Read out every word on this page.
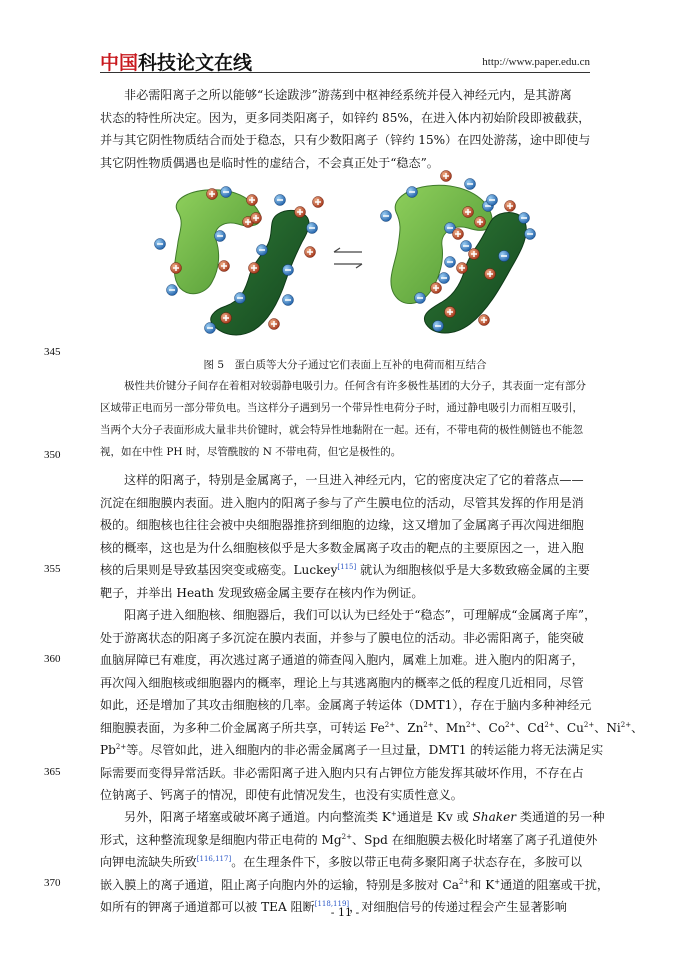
中国科技论文在线	http://www.paper.edu.cn
非必需阳离子之所以能够“长途跋涉”游荡到中枢神经系统并侵入神经元内，是其游离
状态的特性所决定。因为，更多同类阳离子，如锌约 85%，在进入体内初始阶段即被截获，
并与其它阴性物质结合而处于稳态，只有少数阳离子（锌约 15%）在四处游荡，途中即使与
其它阴性物质偶遇也是临时性的虚结合，不会真正处于“稳态”。
345
图 5　蛋白质等大分子通过它们表面上互补的电荷而相互结合
极性共价键分子间存在着相对较弱静电吸引力。任何含有许多极性基团的大分子，其表面一定有部分
区域带正电而另一部分带负电。当这样分子遇到另一个带异性电荷分子时，通过静电吸引力而相互吸引，
当两个大分子表面形成大量非共价键时，就会特异性地黏附在一起。还有，不带电荷的极性侧链也不能忽
视，如在中性 PH 时，尽管酰胺的 N 不带电荷，但它是极性的。
350
这样的阳离子，特别是金属离子，一旦进入神经元内，它的密度决定了它的着落点——
沉淀在细胞膜内表面。进入胞内的阳离子参与了产生膜电位的活动，尽管其发挥的作用是消
极的。细胞核也往往会被中央细胞器推挤到细胞的边缘，这又增加了金属离子再次闯进细胞
核的概率，这也是为什么细胞核似乎是大多数金属离子攻击的靶点的主要原因之一，进入胞
核的后果则是导致基因突变或癌变。Luckey[115] 就认为细胞核似乎是大多数致癌金属的主要
靶子，并举出 Heath 发现致癌金属主要存在核内作为例证。
355
阳离子进入细胞核、细胞器后，我们可以认为已经处于“稳态”，可理解成“金属离子库”，
处于游离状态的阳离子多沉淀在膜内表面，并参与了膜电位的活动。非必需阳离子，能突破
血脑屏障已有难度，再次逃过离子通道的筛查闯入胞内，属难上加难。进入胞内的阳离子，
再次闯入细胞核或细胞器内的概率，理论上与其逃离胞内的概率之低的程度几近相同，尽管
如此，还是增加了其攻击细胞核的几率。金属离子转运体（DMT1），存在于脑内多种神经元
细胞膜表面，为多种二价金属离子所共享，可转运 $Fe^{2+}$、$Zn^{2+}$、$Mn^{2+}$、$Co^{2+}$、$Cd^{2+}$、$Cu^{2+}$、$Ni^{2+}$、
$Pb^{2+}$等。尽管如此，进入细胞内的非必需金属离子一旦过量，DMT1 的转运能力将无法满足实
际需要而变得异常活跃。非必需阳离子进入胞内只有占钾位方能发挥其破坏作用，不存在占
位钠离子、钙离子的情况，即使有此情况发生，也没有实质性意义。
360
365
另外，阳离子堵塞或破坏离子通道。内向整流类 K+通道是 Kv 或 Shaker 类通道的另一种
形式，这种整流现象是细胞内带正电荷的 $Mg^{2+}$、Spd 在细胞膜去极化时堵塞了离子孔道使外
向钾电流缺失所致[116,117]。在生理条件下，多胺以带正电荷多聚阳离子状态存在，多胺可以
嵌入膜上的离子通道，阻止离子向胞内外的运输，特别是多胺对 $Ca^{2+}$和 K+通道的阻塞或干扰，
如所有的钾离子通道都可以被 TEA 阻断[118,119]，对细胞信号的传递过程会产生显著影响
370
- 11 -
